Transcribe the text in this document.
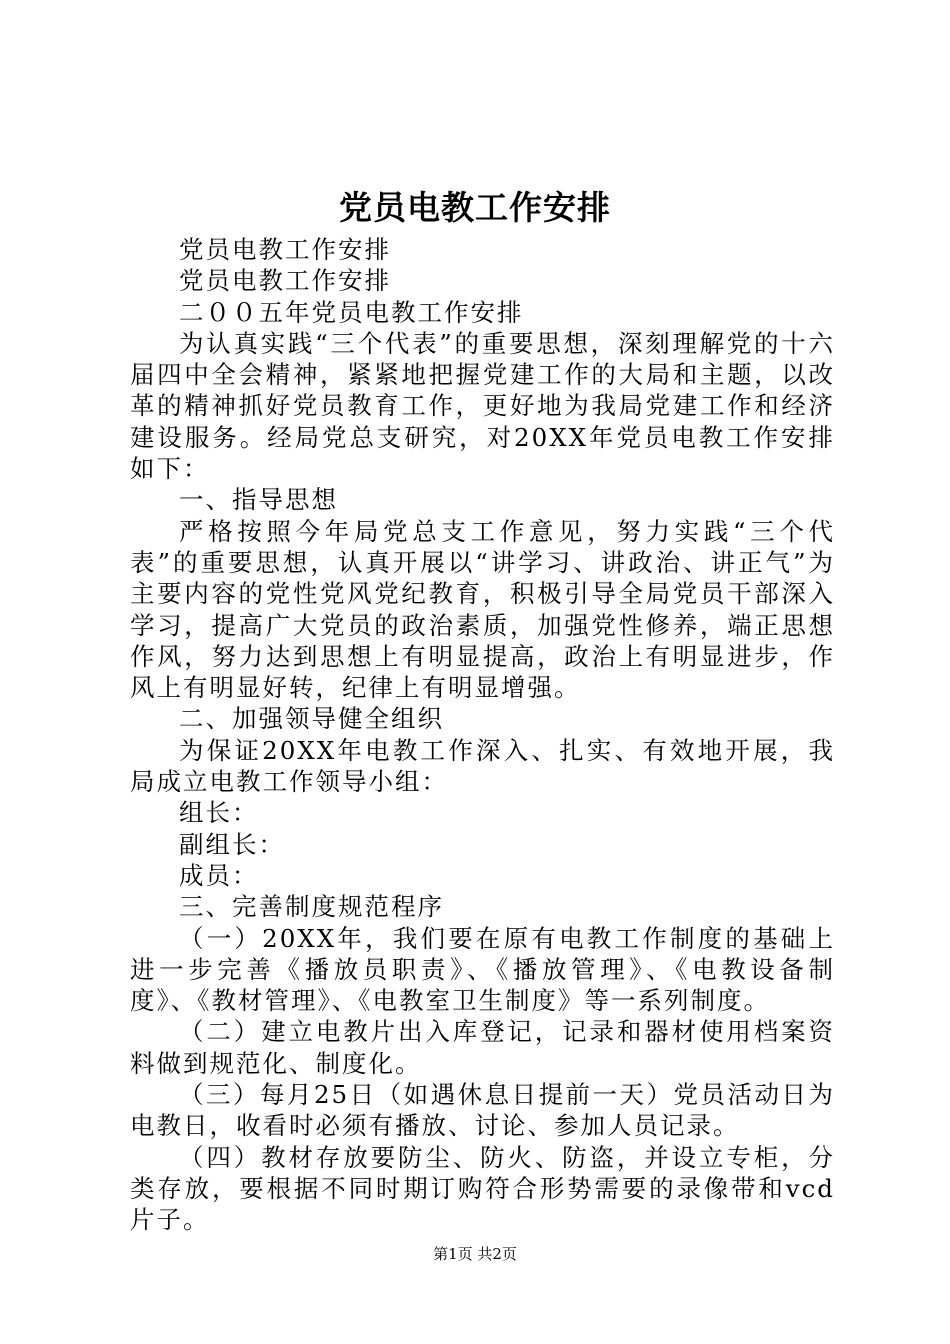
党员电教工作安排

党员电教工作安排

党员电教工作安排

二００五年党员电教工作安排

为认真实践“三个代表”的重要思想，深刻理解党的十六届四中全会精神，紧紧地把握党建工作的大局和主题，以改革的精神抓好党员教育工作，更好地为我局党建工作和经济建设服务。经局党总支研究，对20XX年党员电教工作安排如下：

一、指导思想

严格按照今年局党总支工作意见，努力实践“三个代表”的重要思想，认真开展以“讲学习、讲政治、讲正气”为主要内容的党性党风党纪教育，积极引导全局党员干部深入学习，提高广大党员的政治素质，加强党性修养，端正思想作风，努力达到思想上有明显提高，政治上有明显进步，作风上有明显好转，纪律上有明显增强。

二、加强领导健全组织

为保证20XX年电教工作深入、扎实、有效地开展，我局成立电教工作领导小组：

组长：

副组长：

成员：

三、完善制度规范程序

（一）20XX年，我们要在原有电教工作制度的基础上进一步完善《播放员职责》、《播放管理》、《电教设备制度》、《教材管理》、《电教室卫生制度》等一系列制度。

（二）建立电教片出入库登记，记录和器材使用档案资料做到规范化、制度化。

（三）每月25日（如遇休息日提前一天）党员活动日为电教日，收看时必须有播放、讨论、参加人员记录。

（四）教材存放要防尘、防火、防盗，并设立专柜，分类存放，要根据不同时期订购符合形势需要的录像带和vcd片子。

第1页 共2页
